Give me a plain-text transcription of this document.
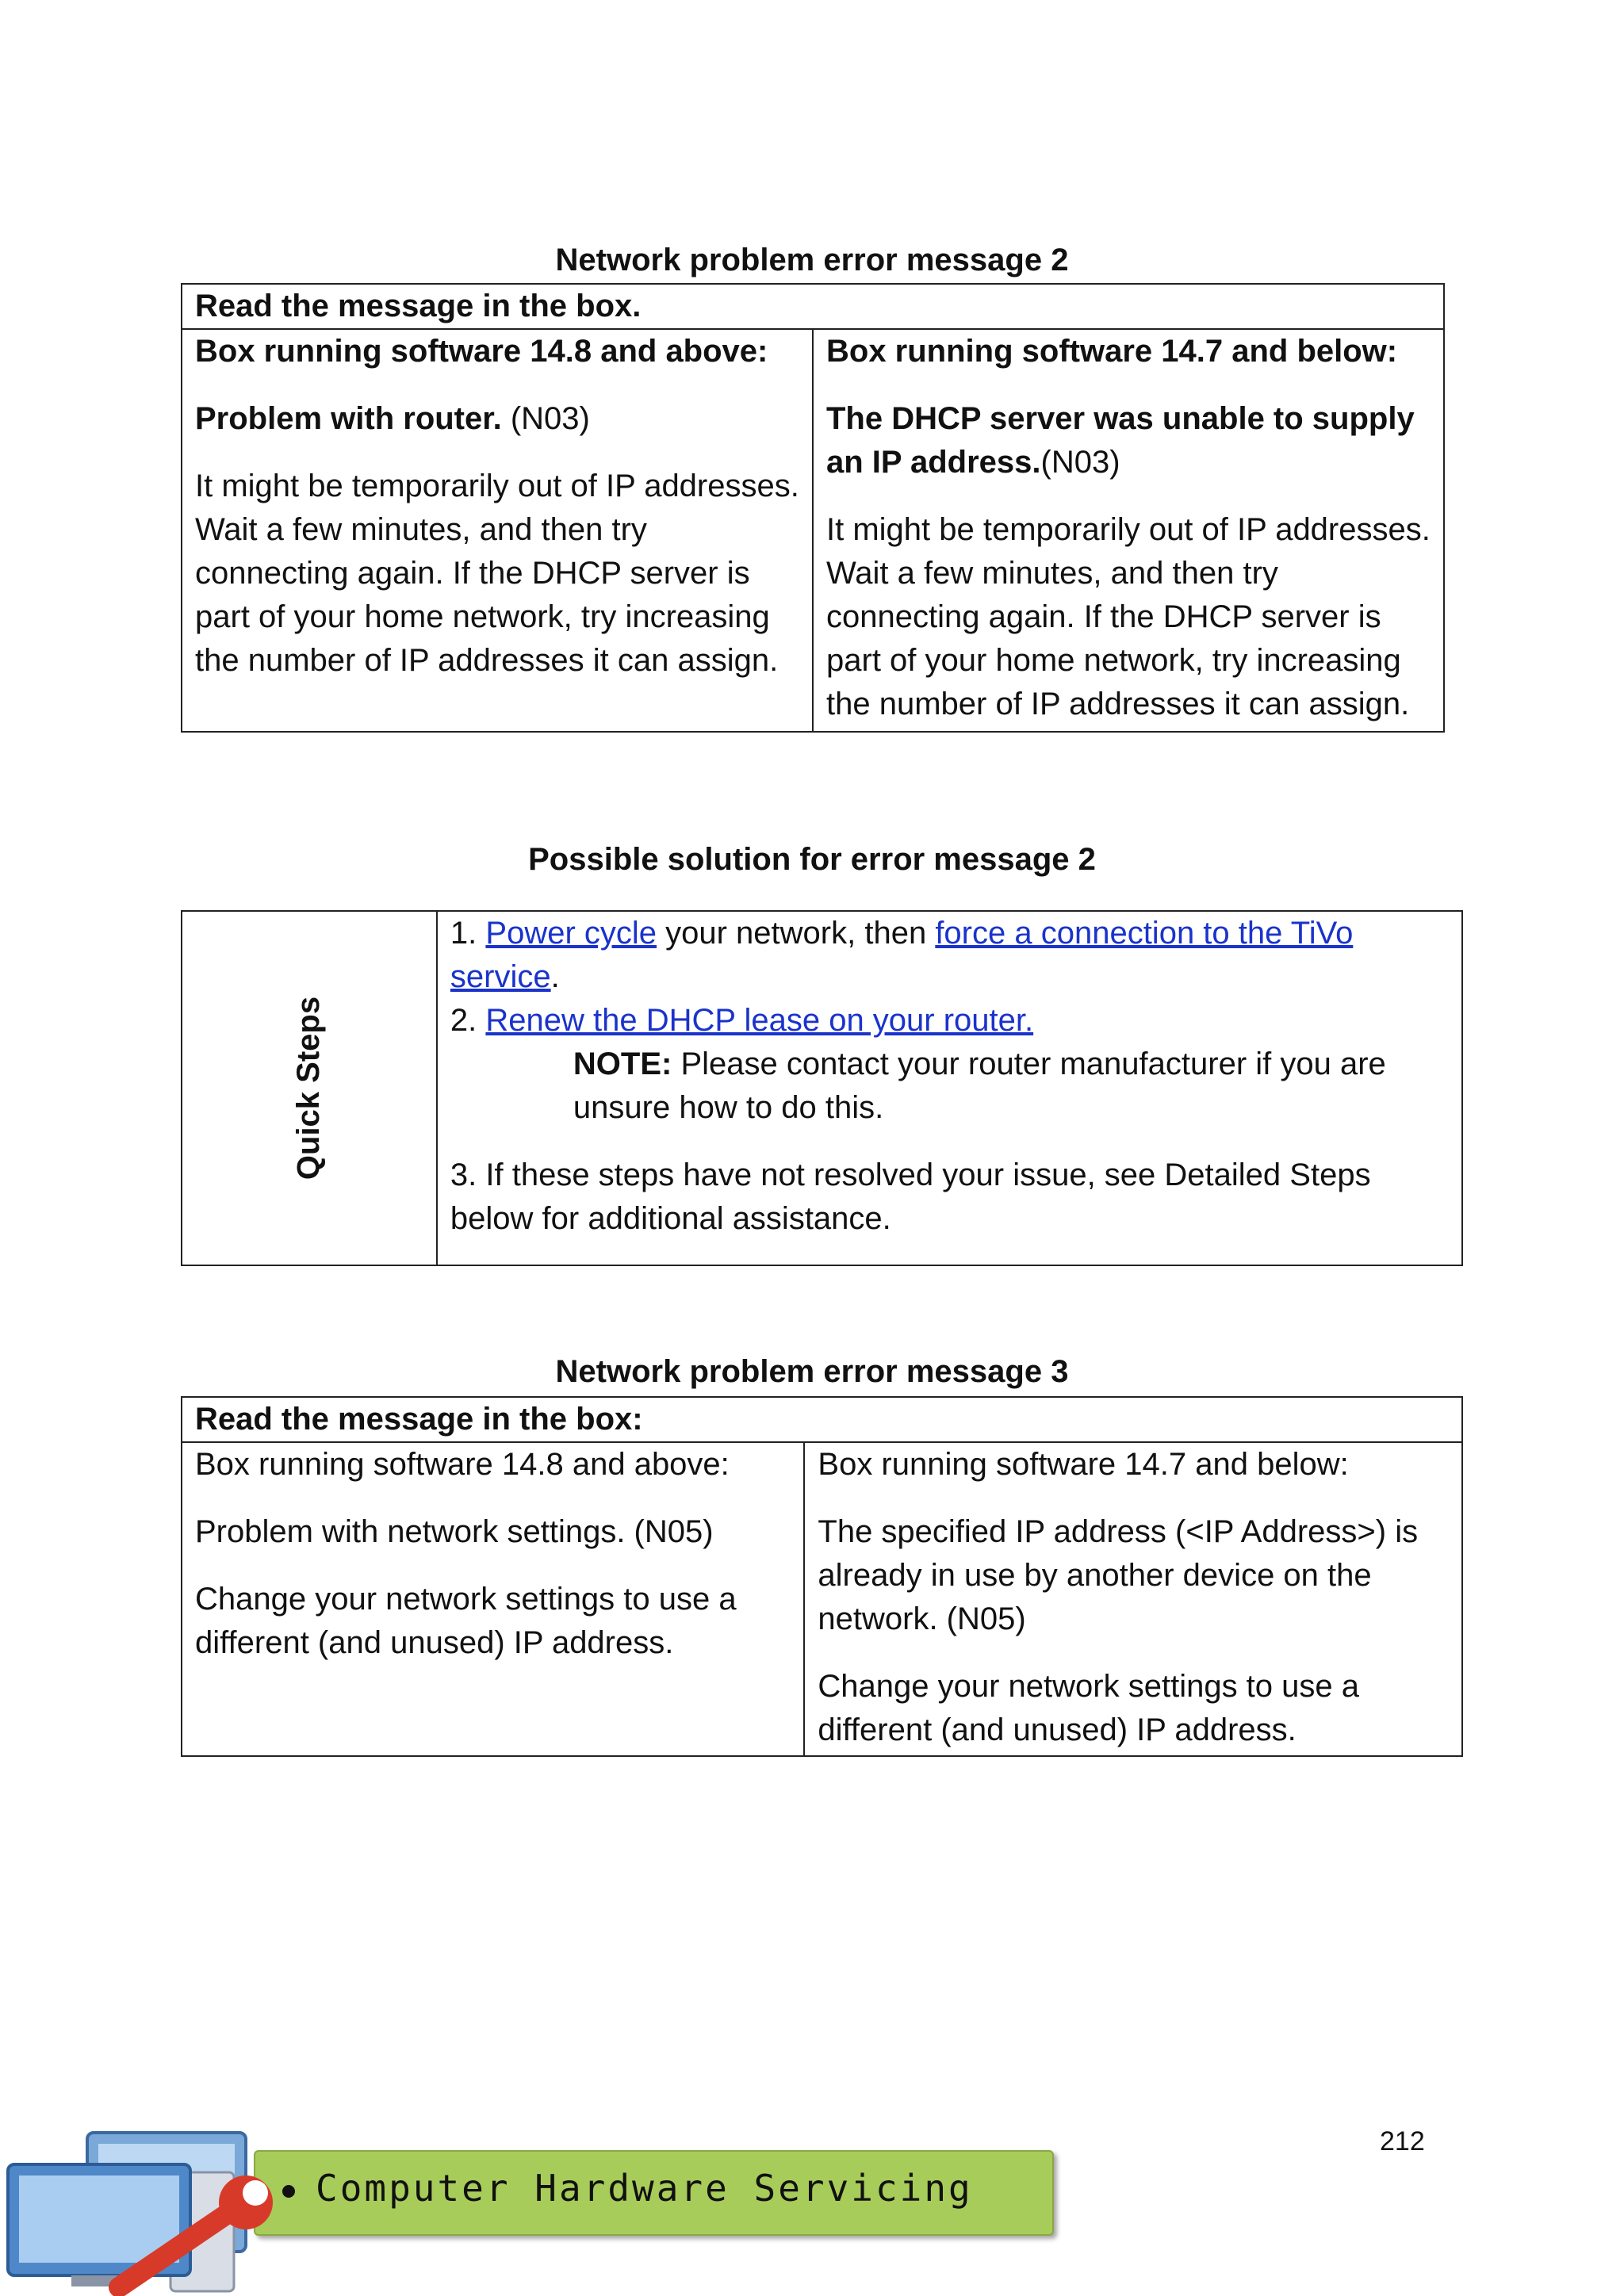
Network problem error message 2
Read the message in the box.

Box running software 14.8 and above:

Problem with router. (N03)

It might be temporarily out of IP addresses. Wait a few minutes, and then try connecting again. If the DHCP server is part of your home network, try increasing the number of IP addresses it can assign.

Box running software 14.7 and below:

The DHCP server was unable to supply an IP address.(N03)

It might be temporarily out of IP addresses. Wait a few minutes, and then try connecting again. If the DHCP server is part of your home network, try increasing the number of IP addresses it can assign.

Possible solution for error message 2
Quick Steps	

1. Power cycle your network, then force a connection to the TiVo service.

2. Renew the DHCP lease on your router.

NOTE: Please contact your router manufacturer if you are unsure how to do this.

3. If these steps have not resolved your issue, see Detailed Steps below for additional assistance.

Network problem error message 3
Read the message in the box:

Box running software 14.8 and above:

Problem with network settings. (N05)

Change your network settings to use a different (and unused) IP address.

Box running software 14.7 and below:

The specified IP address (<IP Address>) is already in use by another device on the network. (N05)

Change your network settings to use a different (and unused) IP address.

212
Computer Hardware Servicing
